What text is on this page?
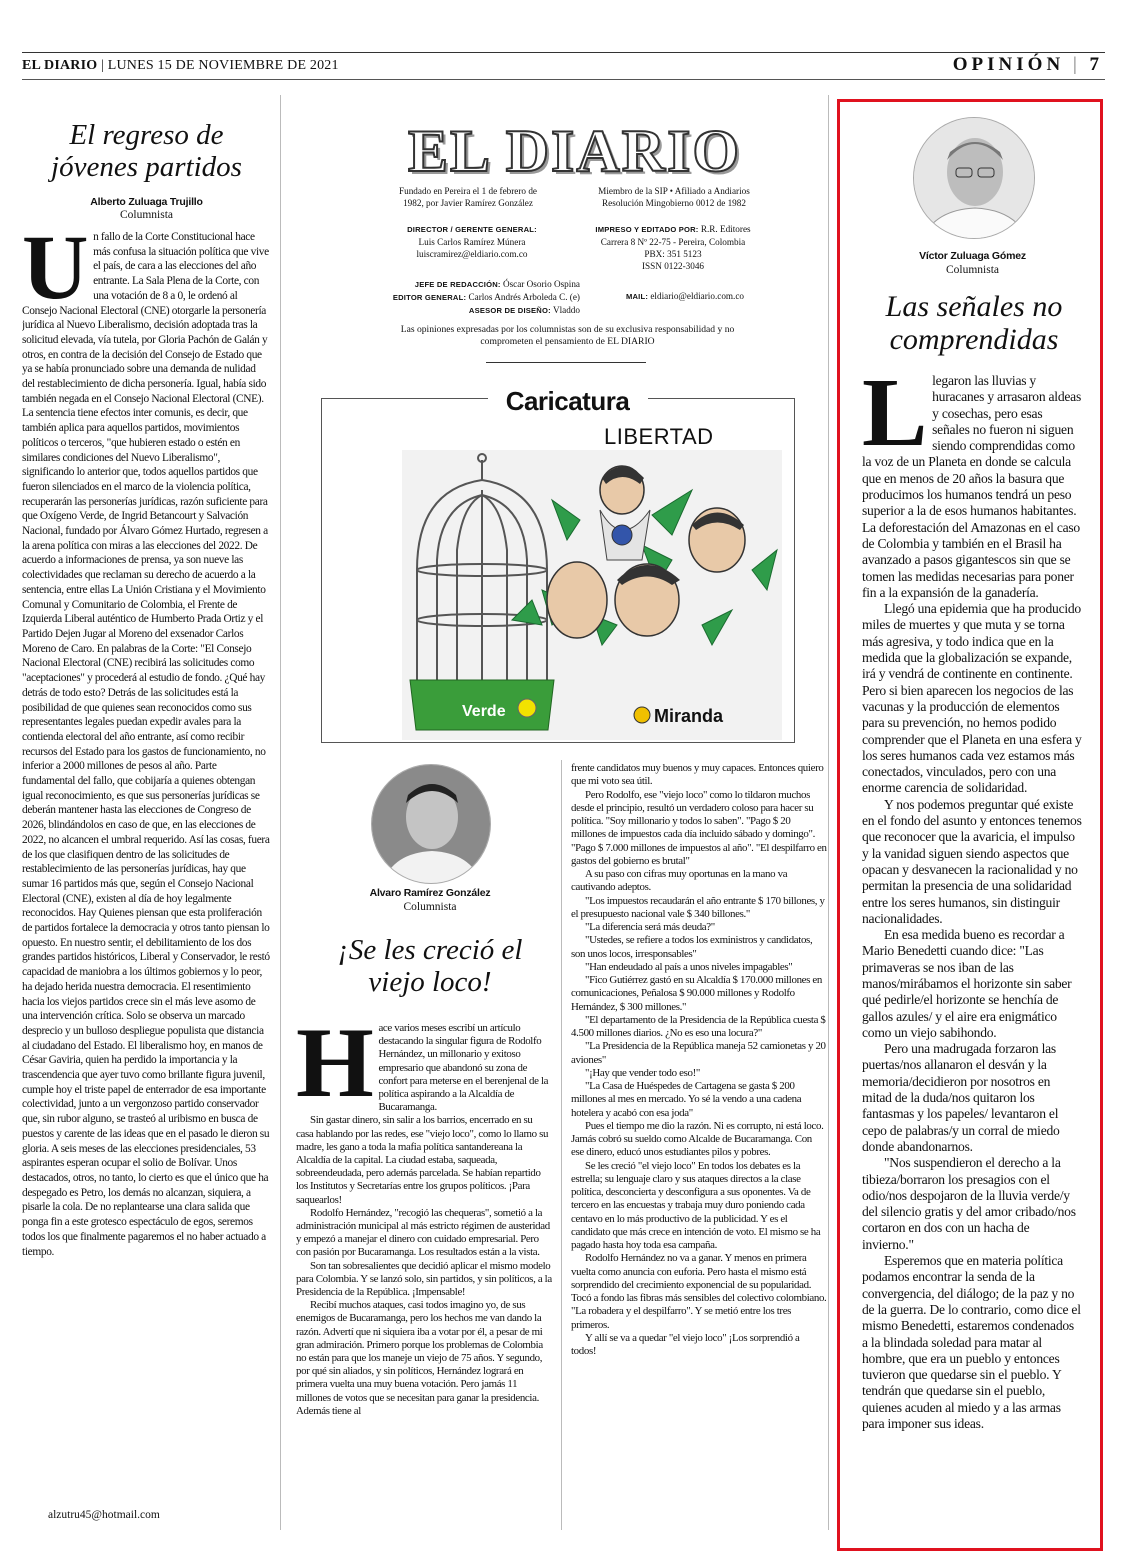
EL DIARIO | LUNES 15 DE NOVIEMBRE DE 2021	OPINIÓN | 7
El regreso de jóvenes partidos
Alberto Zuluaga Trujillo
Columnista
U n fallo de la Corte Constitucional hace más confusa la situación política que vive el país, de cara a las elecciones del año entrante. La Sala Plena de la Corte, con una votación de 8 a 0, le ordenó al Consejo Nacional Electoral (CNE) otorgarle la personería jurídica al Nuevo Liberalismo, decisión adoptada tras la solicitud elevada, vía tutela, por Gloria Pachón de Galán y otros, en contra de la decisión del Consejo de Estado que ya se había pronunciado sobre una demanda de nulidad del restablecimiento de dicha personería. Igual, había sido también negada en el Consejo Nacional Electoral (CNE). La sentencia tiene efectos inter comunis, es decir, que también aplica para aquellos partidos, movimientos políticos o terceros, "que hubieren estado o estén en similares condiciones del Nuevo Liberalismo", significando lo anterior que, todos aquellos partidos que fueron silenciados en el marco de la violencia política, recuperarán las personerías jurídicas, razón suficiente para que Oxígeno Verde, de Ingrid Betancourt y Salvación Nacional, fundado por Álvaro Gómez Hurtado, regresen a la arena política con miras a las elecciones del 2022. De acuerdo a informaciones de prensa, ya son nueve las colectividades que reclaman su derecho de acuerdo a la sentencia, entre ellas La Unión Cristiana y el Movimiento Comunal y Comunitario de Colombia, el Frente de Izquierda Liberal auténtico de Humberto Prada Ortiz y el Partido Dejen Jugar al Moreno del exsenador Carlos Moreno de Caro. En palabras de la Corte: "El Consejo Nacional Electoral (CNE) recibirá las solicitudes como "aceptaciones" y procederá al estudio de fondo. ¿Qué hay detrás de todo esto? Detrás de las solicitudes está la posibilidad de que quienes sean reconocidos como sus representantes legales puedan expedir avales para la contienda electoral del año entrante, así como recibir recursos del Estado para los gastos de funcionamiento, no inferior a 2000 millones de pesos al año. Parte fundamental del fallo, que cobijaría a quienes obtengan igual reconocimiento, es que sus personerías jurídicas se deberán mantener hasta las elecciones de Congreso de 2026, blindándolos en caso de que, en las elecciones de 2022, no alcancen el umbral requerido. Así las cosas, fuera de los que clasifiquen dentro de las solicitudes de restablecimiento de las personerías jurídicas, hay que sumar 16 partidos más que, según el Consejo Nacional Electoral (CNE), existen al día de hoy legalmente reconocidos. Hay Quienes piensan que esta proliferación de partidos fortalece la democracia y otros tanto piensan lo opuesto. En nuestro sentir, el debilitamiento de los dos grandes partidos históricos, Liberal y Conservador, le restó capacidad de maniobra a los últimos gobiernos y lo peor, ha dejado herida nuestra democracia. El resentimiento hacia los viejos partidos crece sin el más leve asomo de una intervención crítica. Solo se observa un marcado desprecio y un bulloso despliegue populista que distancia al ciudadano del Estado. El liberalismo hoy, en manos de César Gaviria, quien ha perdido la importancia y la trascendencia que ayer tuvo como brillante figura juvenil, cumple hoy el triste papel de enterrador de esa importante colectividad, junto a un vergonzoso partido conservador que, sin rubor alguno, se trasteó al uribismo en busca de puestos y carente de las ideas que en el pasado le dieron su gloria. A seis meses de las elecciones presidenciales, 53 aspirantes esperan ocupar el solio de Bolívar. Unos destacados, otros, no tanto, lo cierto es que el único que ha despegado es Petro, los demás no alcanzan, siquiera, a pisarle la cola. De no replantearse una clara salida que ponga fin a este grotesco espectáculo de egos, seremos todos los que finalmente pagaremos el no haber actuado a tiempo.

alzutru45@hotmail.com
EL DIARIO
Fundado en Pereira el 1 de febrero de 1982, por Javier Ramírez González
Miembro de la SIP • Afiliado a Andiarios Resolución Mingobierno 0012 de 1982
DIRECTOR / GERENTE GENERAL:
Luis Carlos Ramírez Múnera
luiscramirez@eldiario.com.co
IMPRESO Y EDITADO POR: R.R. Editores
Carrera 8 Nº 22-75 - Pereira, Colombia
PBX: 351 5123
ISSN 0122-3046
JEFE DE REDACCIÓN: Óscar Osorio Ospina
EDITOR GENERAL: Carlos Andrés Arboleda C. (e)
ASESOR DE DISEÑO: Vladdo
MAIL: eldiario@eldiario.com.co
Las opiniones expresadas por los columnistas son de su exclusiva responsabilidad y no comprometen el pensamiento de EL DIARIO
Caricatura
LIBERTAD
Verde	Miranda
Alvaro Ramírez González
Columnista
¡Se les creció el viejo loco!
H ace varios meses escribí un artículo destacando la singular figura de Rodolfo Hernández, un millonario y exitoso empresario que abandonó su zona de confort para meterse en el berenjenal de la política aspirando a la Alcaldía de Bucaramanga.

Sin gastar dinero, sin salir a los barrios, encerrado en su casa hablando por las redes, ese "viejo loco", como lo llamo su madre, les gano a toda la mafia política santandereana la Alcaldía de la capital. La ciudad estaba, saqueada, sobreendeudada, pero además parcelada. Se habían repartido los Institutos y Secretarías entre los grupos políticos. ¡Para saquearlos!

Rodolfo Hernández, "recogió las chequeras", sometió a la administración municipal al más estricto régimen de austeridad y empezó a manejar el dinero con cuidado empresarial. Pero con pasión por Bucaramanga. Los resultados están a la vista.

Son tan sobresalientes que decidió aplicar el mismo modelo para Colombia. Y se lanzó solo, sin partidos, y sin políticos, a la Presidencia de la República. ¡Impensable!

Recibí muchos ataques, casi todos imagino yo, de sus enemigos de Bucaramanga, pero los hechos me van dando la razón. Advertí que ni siquiera iba a votar por él, a pesar de mi gran admiración. Primero porque los problemas de Colombia no están para que los maneje un viejo de 75 años. Y segundo, por qué sin aliados, y sin políticos, Hernández logrará en primera vuelta una muy buena votación. Pero jamás 11 millones de votos que se necesitan para ganar la presidencia. Además tiene al

frente candidatos muy buenos y muy capaces. Entonces quiero que mi voto sea útil.

Pero Rodolfo, ese "viejo loco" como lo tildaron muchos desde el principio, resultó un verdadero coloso para hacer su política. "Soy millonario y todos lo saben". "Pago $ 20 millones de impuestos cada día incluido sábado y domingo". "Pago $ 7.000 millones de impuestos al año". "El despilfarro en gastos del gobierno es brutal"

A su paso con cifras muy oportunas en la mano va cautivando adeptos.

"Los impuestos recaudarán el año entrante $ 170 billones, y el presupuesto nacional vale $ 340 billones."

"La diferencia será más deuda?"

"Ustedes, se refiere a todos los exministros y candidatos, son unos locos, irresponsables"

"Han endeudado al país a unos niveles impagables"

"Fico Gutiérrez gastó en su Alcaldía $ 170.000 millones en comunicaciones, Peñalosa $ 90.000 millones y Rodolfo Hernández, $ 300 millones."

"El departamento de la Presidencia de la República cuesta $ 4.500 millones diarios. ¿No es eso una locura?"

"La Presidencia de la República maneja 52 camionetas y 20 aviones"

"¡Hay que vender todo eso!"

"La Casa de Huéspedes de Cartagena se gasta $ 200 millones al mes en mercado. Yo sé la vendo a una cadena hotelera y acabó con esa joda"

Pues el tiempo me dio la razón. Ni es corrupto, ni está loco. Jamás cobró su sueldo como Alcalde de Bucaramanga. Con ese dinero, educó unos estudiantes pilos y pobres.

Se les creció "el viejo loco" En todos los debates es la estrella; su lenguaje claro y sus ataques directos a la clase política, desconcierta y desconfigura a sus oponentes. Va de tercero en las encuestas y trabaja muy duro poniendo cada centavo en lo más productivo de la publicidad. Y es el candidato que más crece en intención de voto. El mismo se ha pagado hasta hoy toda esa campaña.

Rodolfo Hernández no va a ganar. Y menos en primera vuelta como anuncia con euforia. Pero hasta el mismo está sorprendido del crecimiento exponencial de su popularidad. Tocó a fondo las fibras más sensibles del colectivo colombiano. "La robadera y el despilfarro". Y se metió entre los tres primeros.

Y allí se va a quedar "el viejo loco" ¡Los sorprendió a todos!

Víctor Zuluaga Gómez
Columnista
Las señales no comprendidas
L legaron las lluvias y huracanes y arrasaron aldeas y cosechas, pero esas señales no fueron ni siguen siendo comprendidas como la voz de un Planeta en donde se calcula que en menos de 20 años la basura que producimos los humanos tendrá un peso superior a la de esos humanos habitantes. La deforestación del Amazonas en el caso de Colombia y también en el Brasil ha avanzado a pasos gigantescos sin que se tomen las medidas necesarias para poner fin a la expansión de la ganadería.

Llegó una epidemia que ha producido miles de muertes y que muta y se torna más agresiva, y todo indica que en la medida que la globalización se expande, irá y vendrá de continente en continente. Pero si bien aparecen los negocios de las vacunas y la producción de elementos para su prevención, no hemos podido comprender que el Planeta en una esfera y los seres humanos cada vez estamos más conectados, vinculados, pero con una enorme carencia de solidaridad.

Y nos podemos preguntar qué existe en el fondo del asunto y entonces tenemos que reconocer que la avaricia, el impulso y la vanidad siguen siendo aspectos que opacan y desvanecen la racionalidad y no permitan la presencia de una solidaridad entre los seres humanos, sin distinguir nacionalidades.

En esa medida bueno es recordar a Mario Benedetti cuando dice: "Las primaveras se nos iban de las manos/mirábamos el horizonte sin saber qué pedirle/el horizonte se henchía de gallos azules/ y el aire era enigmático como un viejo sabihondo.

Pero una madrugada forzaron las puertas/nos allanaron el desván y la memoria/decidieron por nosotros en mitad de la duda/nos quitaron los fantasmas y los papeles/ levantaron el cepo de palabras/y un corral de miedo donde abandonarnos.

"Nos suspendieron el derecho a la tibieza/borraron los presagios con el odio/nos despojaron de la lluvia verde/y del silencio gratis y del amor cribado/nos cortaron en dos con un hacha de invierno."

Esperemos que en materia política podamos encontrar la senda de la convergencia, del diálogo; de la paz y no de la guerra. De lo contrario, como dice el mismo Benedetti, estaremos condenados a la blindada soledad para matar al hombre, que era un pueblo y entonces tuvieron que quedarse sin el pueblo. Y tendrán que quedarse sin el pueblo, quienes acuden al miedo y a las armas para imponer sus ideas.
